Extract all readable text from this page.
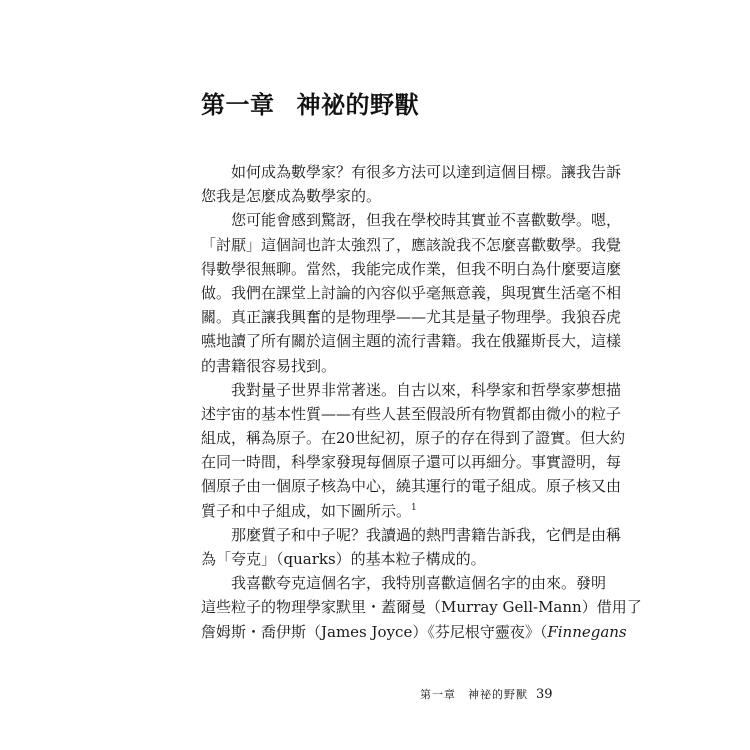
第一章 神祕的野獸
如何成為數學家？有很多方法可以達到這個目標。讓我告訴
您我是怎麼成為數學家的。
您可能會感到驚訝，但我在學校時其實並不喜歡數學。嗯，
「討厭」這個詞也許太強烈了，應該說我不怎麼喜歡數學。我覺
得數學很無聊。當然，我能完成作業，但我不明白為什麼要這麼
做。我們在課堂上討論的內容似乎毫無意義，與現實生活毫不相
關。真正讓我興奮的是物理學——尤其是量子物理學。我狼吞虎
嚥地讀了所有關於這個主題的流行書籍。我在俄羅斯長大，這樣
的書籍很容易找到。
我對量子世界非常著迷。自古以來，科學家和哲學家夢想描
述宇宙的基本性質——有些人甚至假設所有物質都由微小的粒子
組成，稱為原子。在20世紀初，原子的存在得到了證實。但大約
在同一時間，科學家發現每個原子還可以再細分。事實證明，每
個原子由一個原子核為中心，繞其運行的電子組成。原子核又由
質子和中子組成，如下圖所示。$^1$
那麼質子和中子呢？我讀過的熱門書籍告訴我，它們是由稱
為「夸克」（quarks）的基本粒子構成的。
我喜歡夸克這個名字，我特別喜歡這個名字的由來。發明
這些粒子的物理學家默里・蓋爾曼（Murray Gell-Mann）借用了
詹姆斯・喬伊斯（James Joyce）《芬尼根守靈夜》（Finnegans
第一章　神祕的野獸 39
